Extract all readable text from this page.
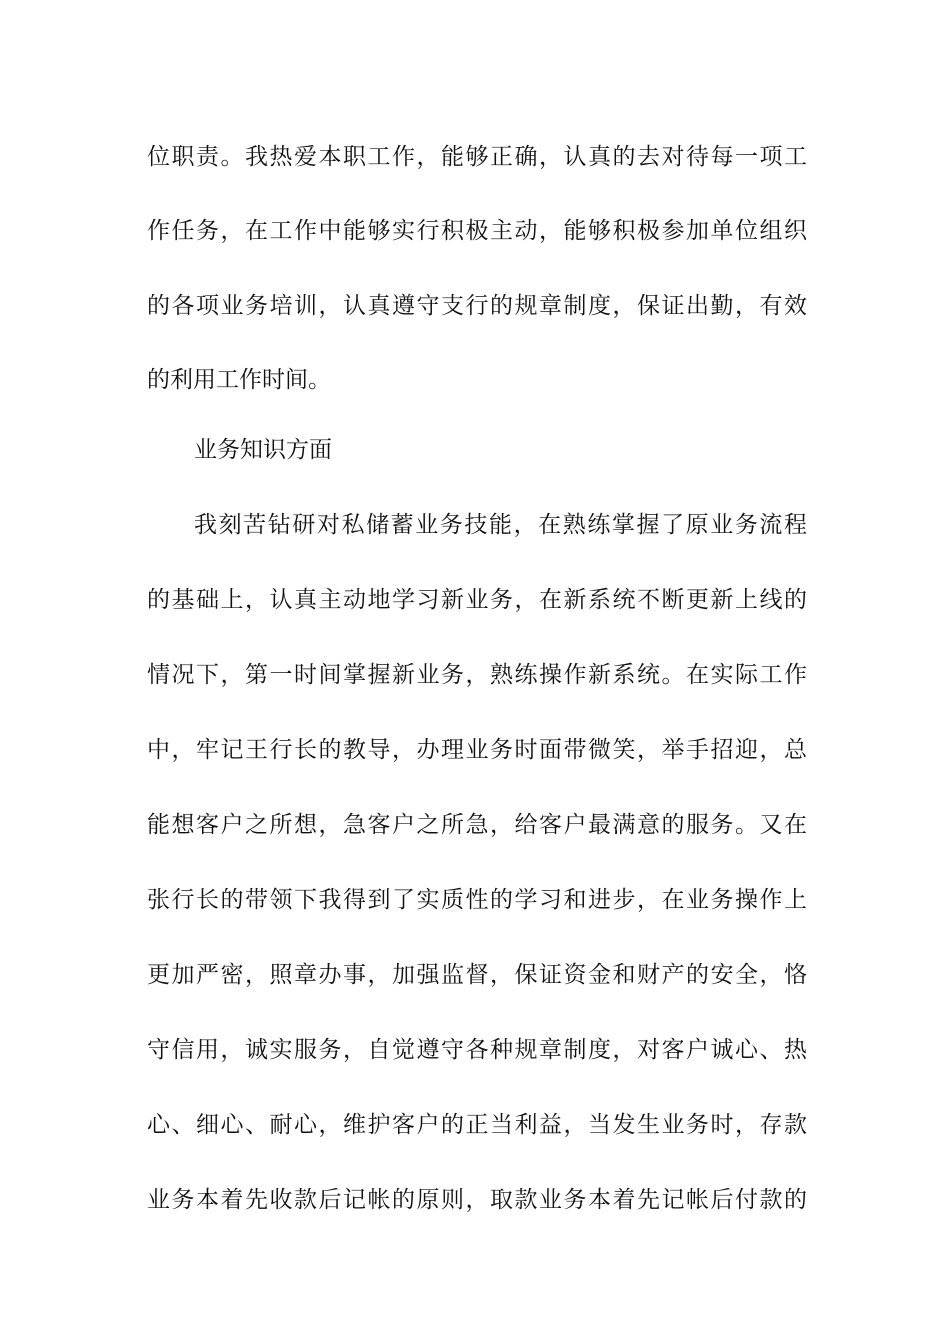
位职责。我热爱本职工作，能够正确，认真的去对待每一项工
作任务，在工作中能够实行积极主动，能够积极参加单位组织
的各项业务培训，认真遵守支行的规章制度，保证出勤，有效
的利用工作时间。
业务知识方面
我刻苦钻研对私储蓄业务技能，在熟练掌握了原业务流程
的基础上，认真主动地学习新业务，在新系统不断更新上线的
情况下，第一时间掌握新业务，熟练操作新系统。在实际工作
中，牢记王行长的教导，办理业务时面带微笑，举手招迎，总
能想客户之所想，急客户之所急，给客户最满意的服务。又在
张行长的带领下我得到了实质性的学习和进步，在业务操作上
更加严密，照章办事，加强监督，保证资金和财产的安全，恪
守信用，诚实服务，自觉遵守各种规章制度，对客户诚心、热
心、细心、耐心，维护客户的正当利益，当发生业务时，存款
业务本着先收款后记帐的原则，取款业务本着先记帐后付款的
